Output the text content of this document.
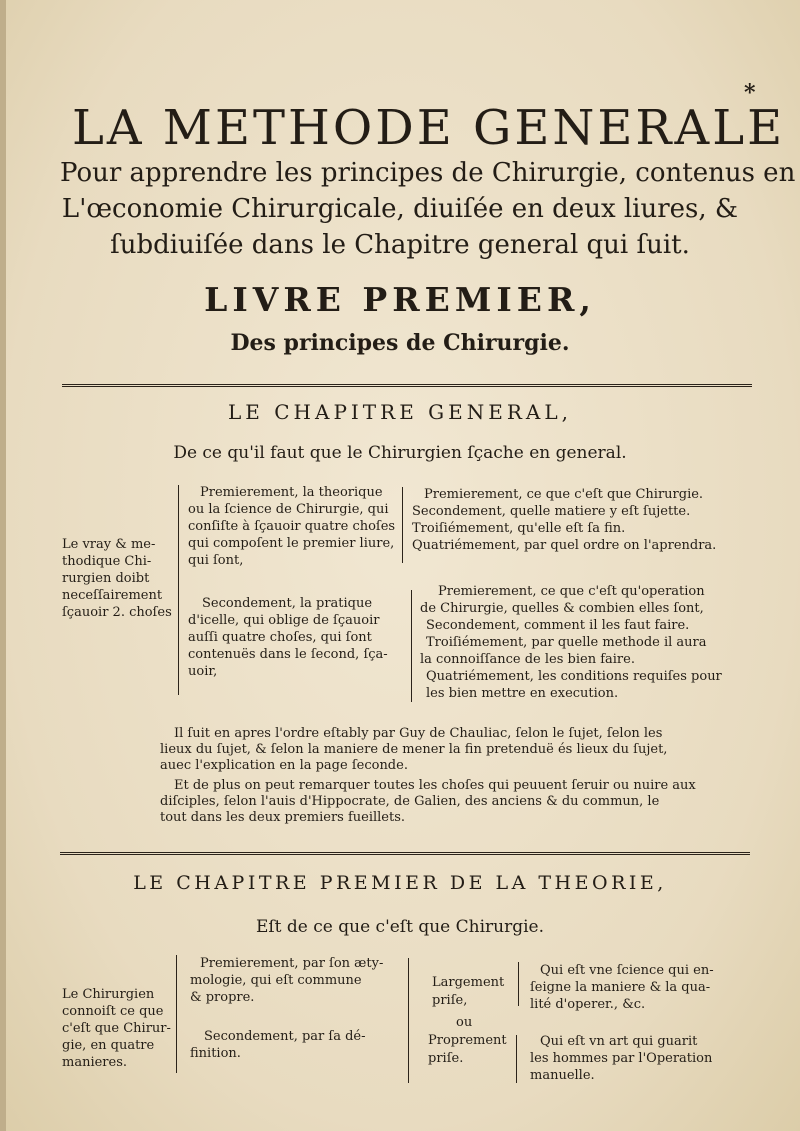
*
LA METHODE GENERALE
Pour apprendre les principes de Chirurgie, contenus en
L'œconomie Chirurgicale, diuiſée en deux liures, &
ſubdiuiſée dans le Chapitre general qui ſuit.
LIVRE PREMIER,
Des principes de Chirurgie.
LE CHAPITRE GENERAL,
De ce qu'il faut que le Chirurgien ſçache en general.
Le vray & me-
thodique Chi-
rurgien doibt
neceſſairement
ſçauoir 2. choſes
Premierement, la theorique
ou la ſcience de Chirurgie, qui
conſiſte à ſçauoir quatre choſes
qui compoſent le premier liure,
qui ſont,
Premierement, ce que c'eſt que Chirurgie.
Secondement, quelle matiere y eſt ſujette.
Troiſiémement, qu'elle eſt ſa fin.
Quatriémement, par quel ordre on l'aprendra.
Secondement, la pratique
d'icelle, qui oblige de ſçauoir
auſſi quatre choſes, qui ſont
contenuës dans le ſecond, ſça-
uoir,
Premierement, ce que c'eſt qu'operation
de Chirurgie, quelles & combien elles ſont,
Secondement, comment il les faut faire.
Troiſiémement, par quelle methode il aura
la connoiſſance de les bien faire.
Quatriémement, les conditions requiſes pour
les bien mettre en execution.
Il ſuit en apres l'ordre eſtably par Guy de Chauliac, ſelon le ſujet, ſelon les
lieux du ſujet, & ſelon la maniere de mener la fin pretenduë és lieux du ſujet,
auec l'explication en la page ſeconde.
Et de plus on peut remarquer toutes les choſes qui peuuent ſeruir ou nuire aux
diſciples, ſelon l'auis d'Hippocrate, de Galien, des anciens & du commun, le
tout dans les deux premiers fueillets.
LE CHAPITRE PREMIER DE LA THEORIE,
Eſt de ce que c'eſt que Chirurgie.
Le Chirurgien
connoiſt ce que
c'eſt que Chirur-
gie, en quatre
manieres.
Premierement, par ſon æty-
mologie, qui eſt commune
& propre.
Secondement, par ſa dé-
finition.
Largement
priſe,
ou
Proprement
priſe.
Qui eſt vne ſcience qui en-
ſeigne la maniere & la qua-
lité d'operer., &c.
Qui eſt vn art qui guarit
les hommes par l'Operation
manuelle.
